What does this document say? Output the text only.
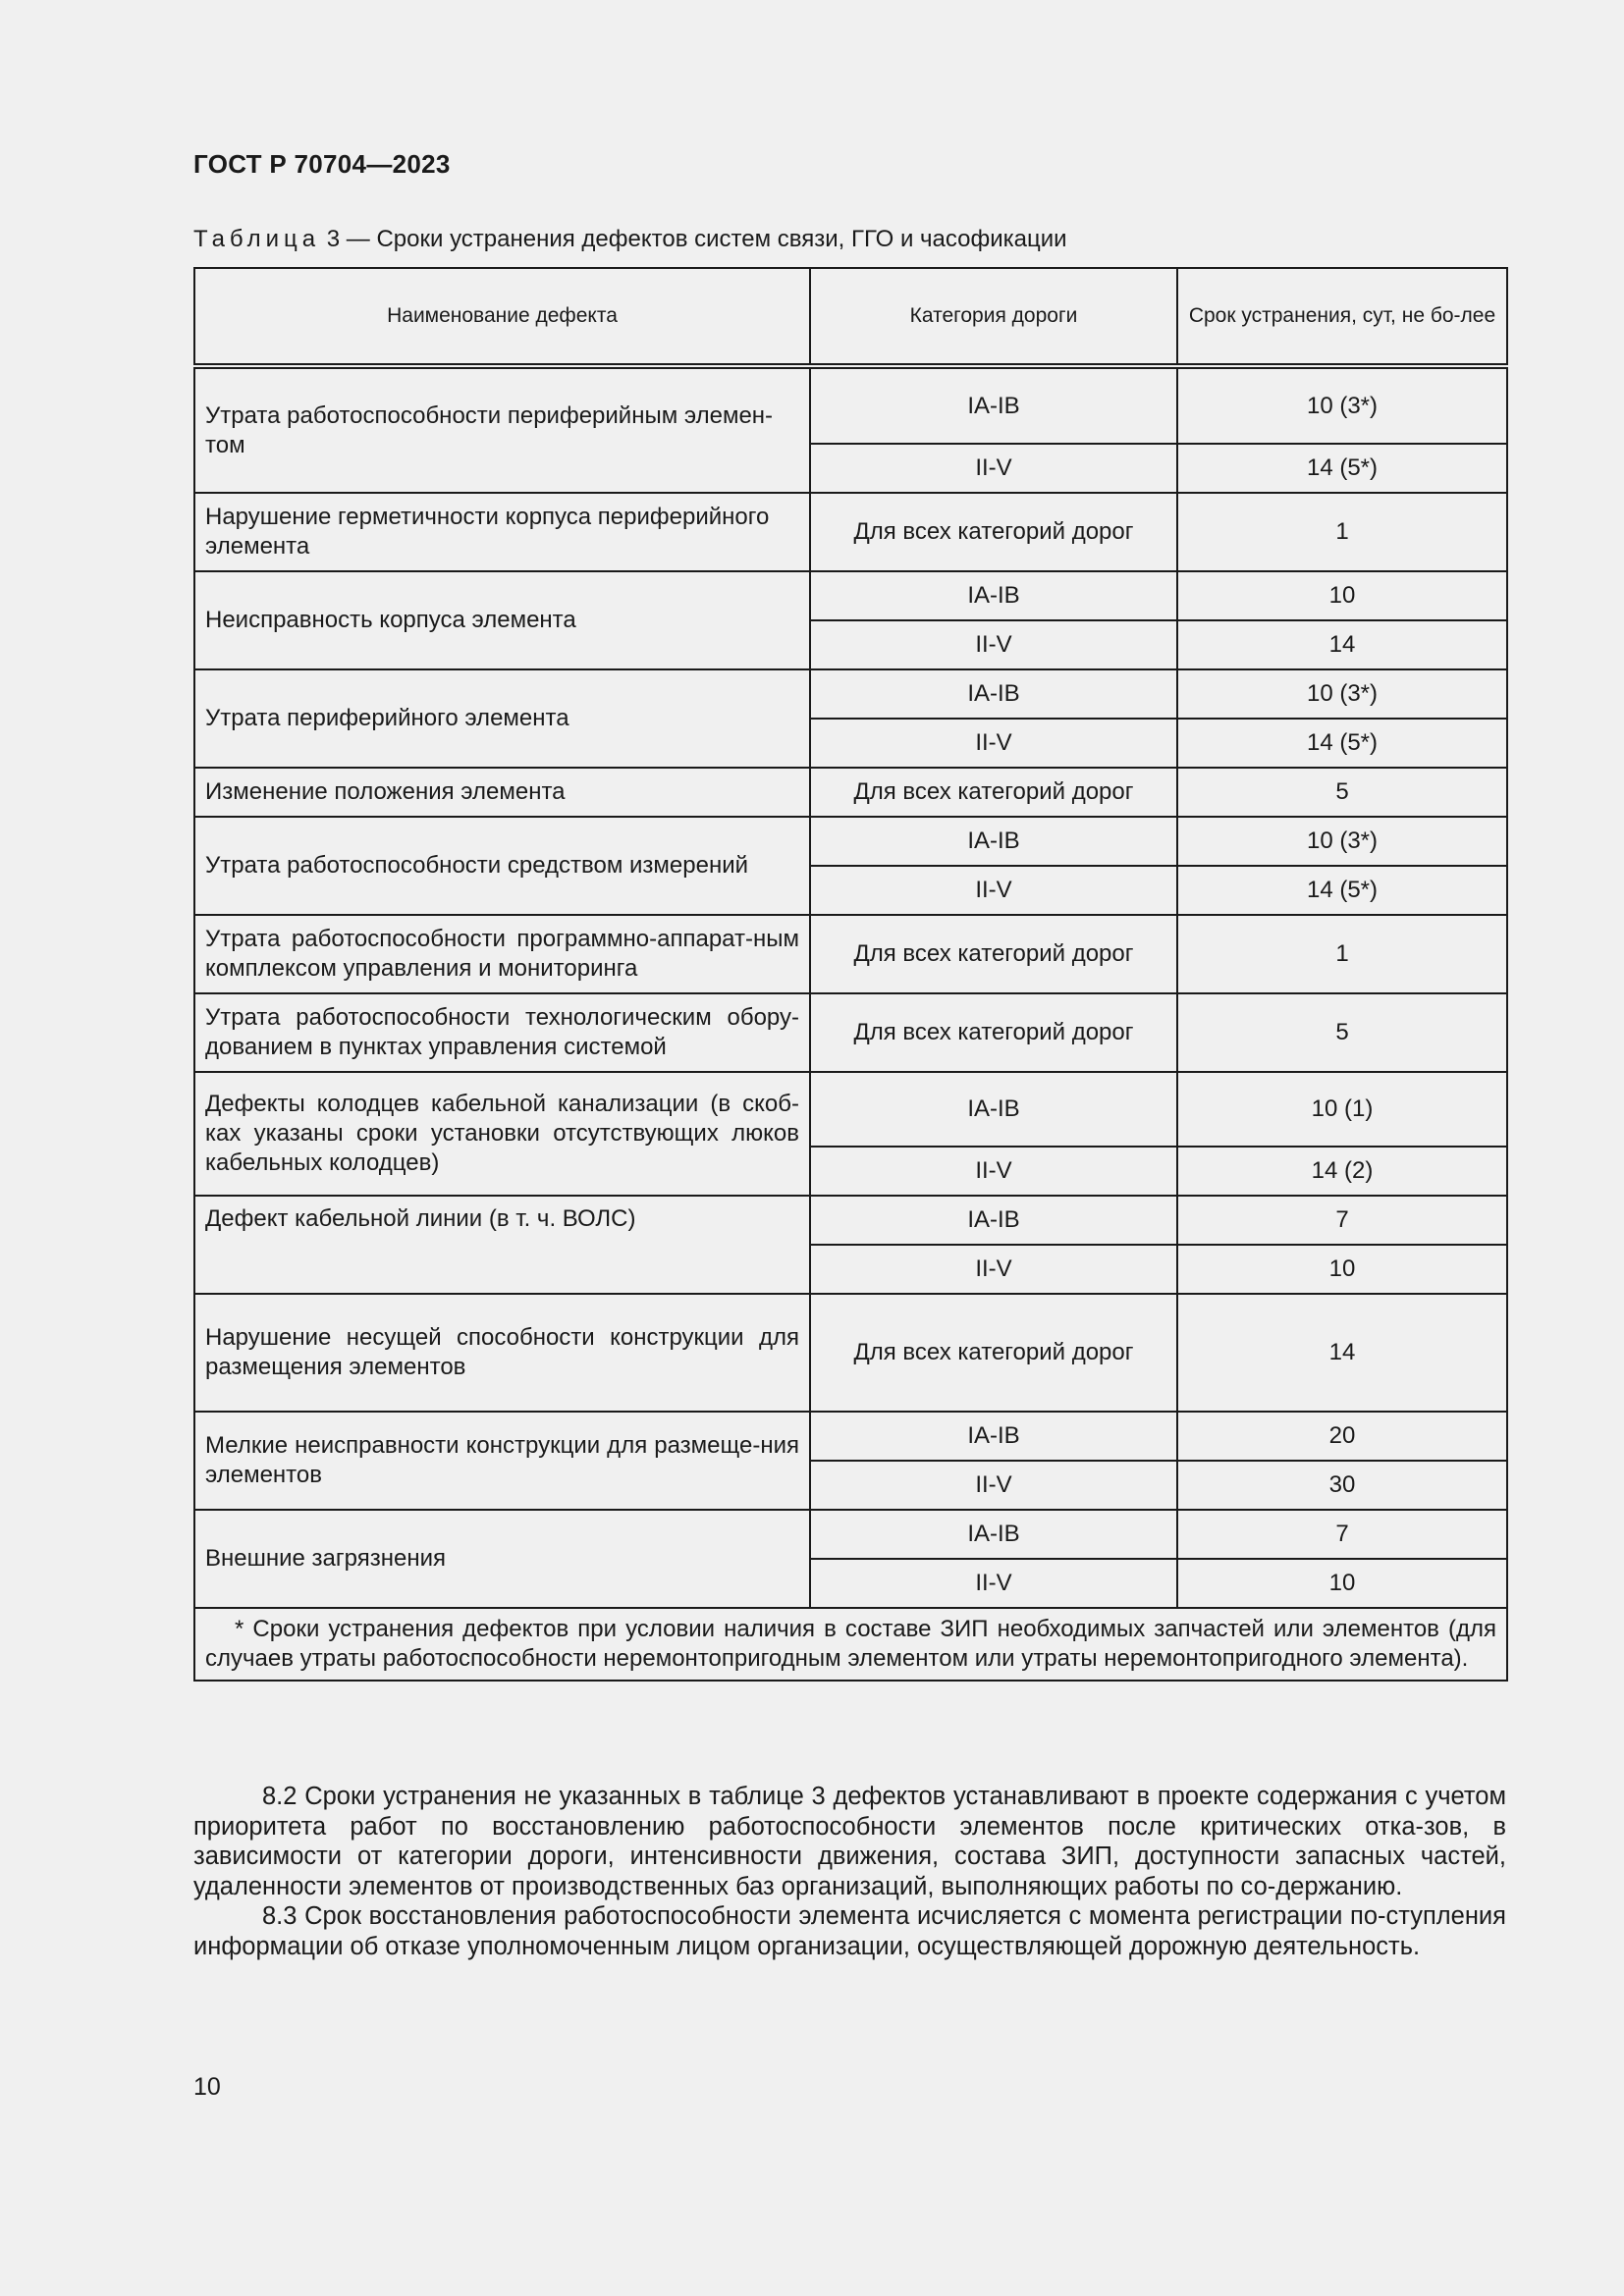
ГОСТ Р 70704—2023
Таблица 3 — Сроки устранения дефектов систем связи, ГГО и часофикации
Наименование дефекта	Категория дороги	Срок устранения, сут, не бо-лее
Утрата работоспособности периферийным элемен-том	IA-IB	10 (3*)
	II-V	14 (5*)
Нарушение герметичности корпуса периферийного элемента	Для всех категорий дорог	1
Неисправность корпуса элемента	IA-IB	10
	II-V	14
Утрата периферийного элемента	IA-IB	10 (3*)
	II-V	14 (5*)
Изменение положения элемента	Для всех категорий дорог	5
Утрата работоспособности средством измерений	IA-IB	10 (3*)
	II-V	14 (5*)
Утрата работоспособности программно-аппарат-ным комплексом управления и мониторинга	Для всех категорий дорог	1
Утрата работоспособности технологическим обору-дованием в пунктах управления системой	Для всех категорий дорог	5
Дефекты колодцев кабельной канализации (в скоб-ках указаны сроки установки отсутствующих люков кабельных колодцев)	IA-IB	10 (1)
	II-V	14 (2)
Дефект кабельной линии (в т. ч. ВОЛС)	IA-IB	7
	II-V	10
Нарушение несущей способности конструкции для размещения элементов	Для всех категорий дорог	14
Мелкие неисправности конструкции для размеще-ния элементов	IA-IB	20
	II-V	30
Внешние загрязнения	IA-IB	7
	II-V	10
* Сроки устранения дефектов при условии наличия в составе ЗИП необходимых запчастей или элементов (для случаев утраты работоспособности неремонтопригодным элементом или утраты неремонтопригодного элемента).		

8.2 Сроки устранения не указанных в таблице 3 дефектов устанавливают в проекте содержания с учетом приоритета работ по восстановлению работоспособности элементов после критических отка-зов, в зависимости от категории дороги, интенсивности движения, состава ЗИП, доступности запасных частей, удаленности элементов от производственных баз организаций, выполняющих работы по со-держанию.

8.3 Срок восстановления работоспособности элемента исчисляется с момента регистрации по-ступления информации об отказе уполномоченным лицом организации, осуществляющей дорожную деятельность.

10
